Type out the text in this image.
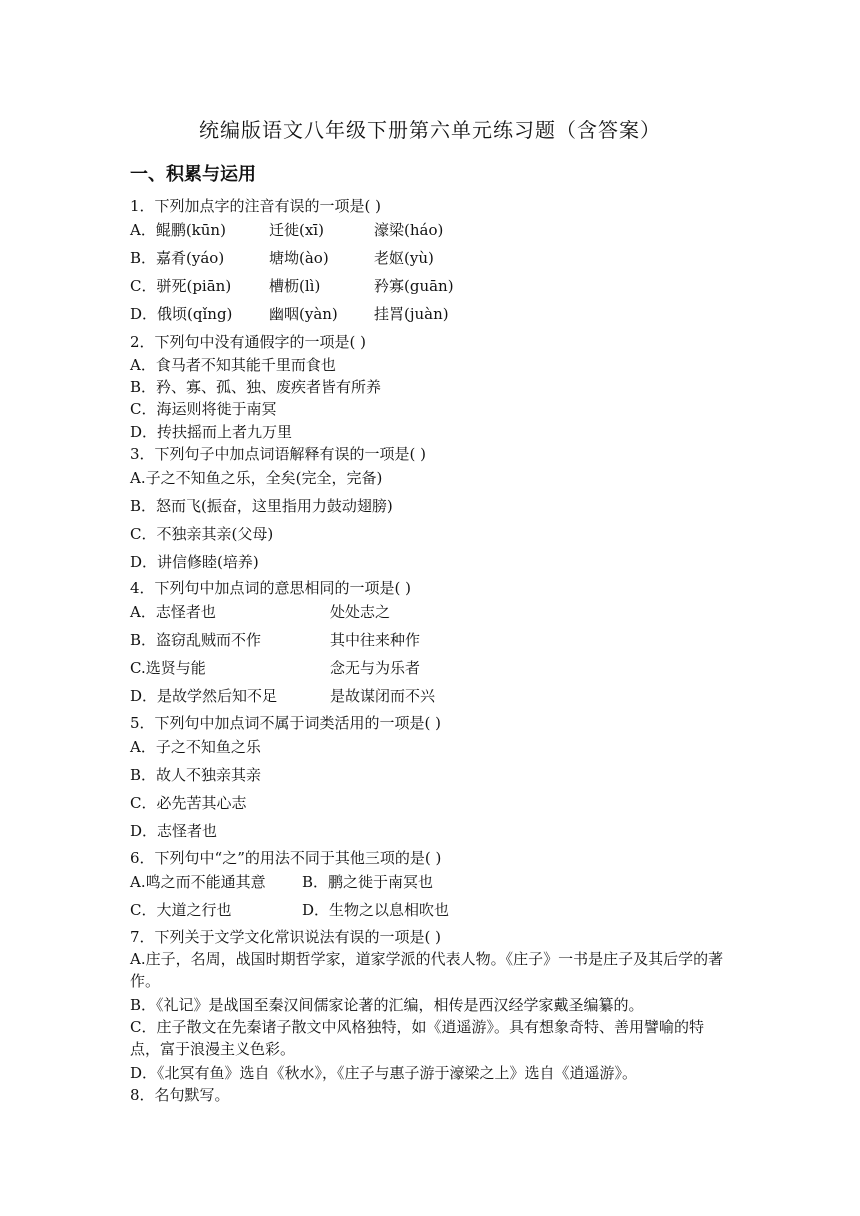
统编版语文八年级下册第六单元练习题（含答案）
一、积累与运用
1．下列加点字的注音有误的一项是( )
A．鲲鹏(kūn)	迁徙(xī)	濠梁(háo)
B．嘉肴(yáo)	塘坳(ào)	老妪(yù)
C．骈死(piān)	槽枥(lì)	矜寡(guān)
D．俄顷(qǐng) 幽咽(yàn) 挂罥(juàn)
2．下列句中没有通假字的一项是( )
A．食马者不知其能千里而食也
B．矜、寡、孤、独、废疾者皆有所养
C．海运则将徙于南冥
D．抟扶摇而上者九万里
3．下列句子中加点词语解释有误的一项是( )
A.子之不知鱼之乐，全矣(完全，完备)
B．怒而飞(振奋，这里指用力鼓动翅膀)
C．不独亲其亲(父母)
D．讲信修睦(培养)
4．下列句中加点词的意思相同的一项是( )
A．志怪者也	处处志之
B．盗窃乱贼而不作	其中往来种作
C.选贤与能	念无与为乐者
D．是故学然后知不足	是故谋闭而不兴
5．下列句中加点词不属于词类活用的一项是( )
A．子之不知鱼之乐
B．故人不独亲其亲
C．必先苦其心志
D．志怪者也
6．下列句中“之”的用法不同于其他三项的是( )
A.鸣之而不能通其意 B．鹏之徙于南冥也
C．大道之行也	D．生物之以息相吹也
7．下列关于文学文化常识说法有误的一项是( )
A.庄子，名周，战国时期哲学家，道家学派的代表人物。《庄子》一书是庄子及其后学的著作。
B．《礼记》是战国至秦汉间儒家论著的汇编，相传是西汉经学家戴圣编纂的。
C．庄子散文在先秦诸子散文中风格独特，如《逍遥游》。具有想象奇特、善用譬喻的特点，富于浪漫主义色彩。
D．《北冥有鱼》选自《秋水》，《庄子与惠子游于濠梁之上》选自《逍遥游》。
8．名句默写。
